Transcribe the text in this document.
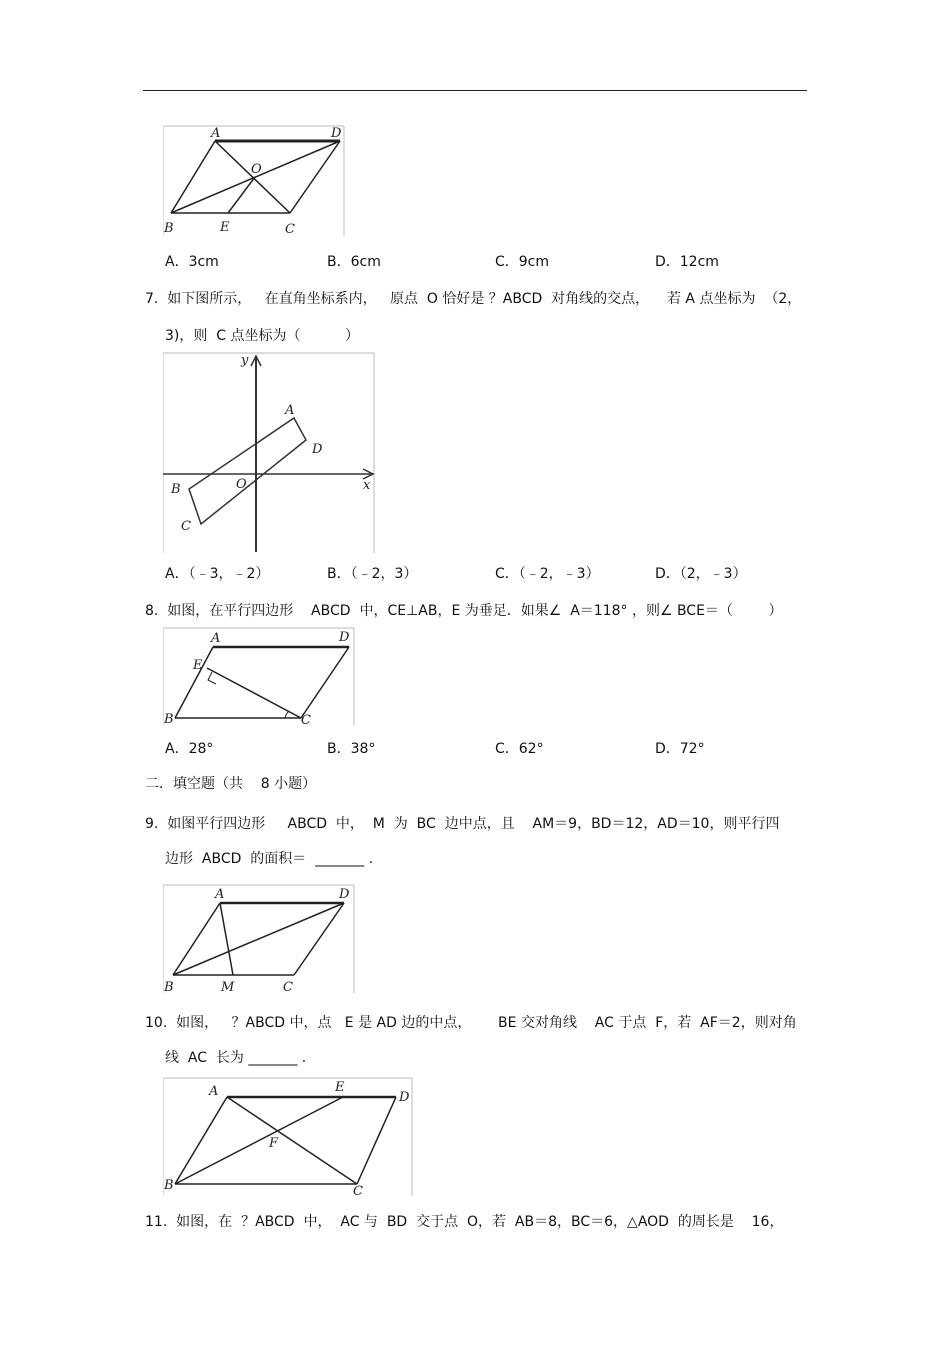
A	D
O
B	E	C
A．3cm	B．6cm	C．9cm	D．12cm
7.  如下图所示，   在直角坐标系内，   原点  O 恰好是 ？ABCD  对角线的交点，    若 A 点坐标为  （2，
3)，则  C 点坐标为（          ）
y
x
A
D
B	O
C
A．（﹣3，﹣2）	B．（﹣2，3）	C．（﹣2，﹣3）	D．（2，﹣3）
8.  如图，在平行四边形    ABCD  中，CE⊥AB，E 为垂足．如果∠  A＝118° ，则∠ BCE＝（        ）
A	D
E
B	C
A．28°	B．38°	C．62°	D．72°
二．填空题（共    8 小题）
9.  如图平行四边形     ABCD  中，  M  为  BC  边中点，且    AM＝9，BD＝12，AD＝10，则平行四
边形  ABCD  的面积＝  _______ .
A	D
B	M	C
10.  如图，   ？ABCD 中，点   E 是 AD 边的中点，      BE 交对角线    AC 于点  F，若  AF＝2，则对角
线  AC  长为 _______ .
A	E
D
F
B	C
11.  如图，在  ？ABCD  中，  AC 与  BD  交于点  O，若  AB＝8，BC＝6，△AOD  的周长是    16，
